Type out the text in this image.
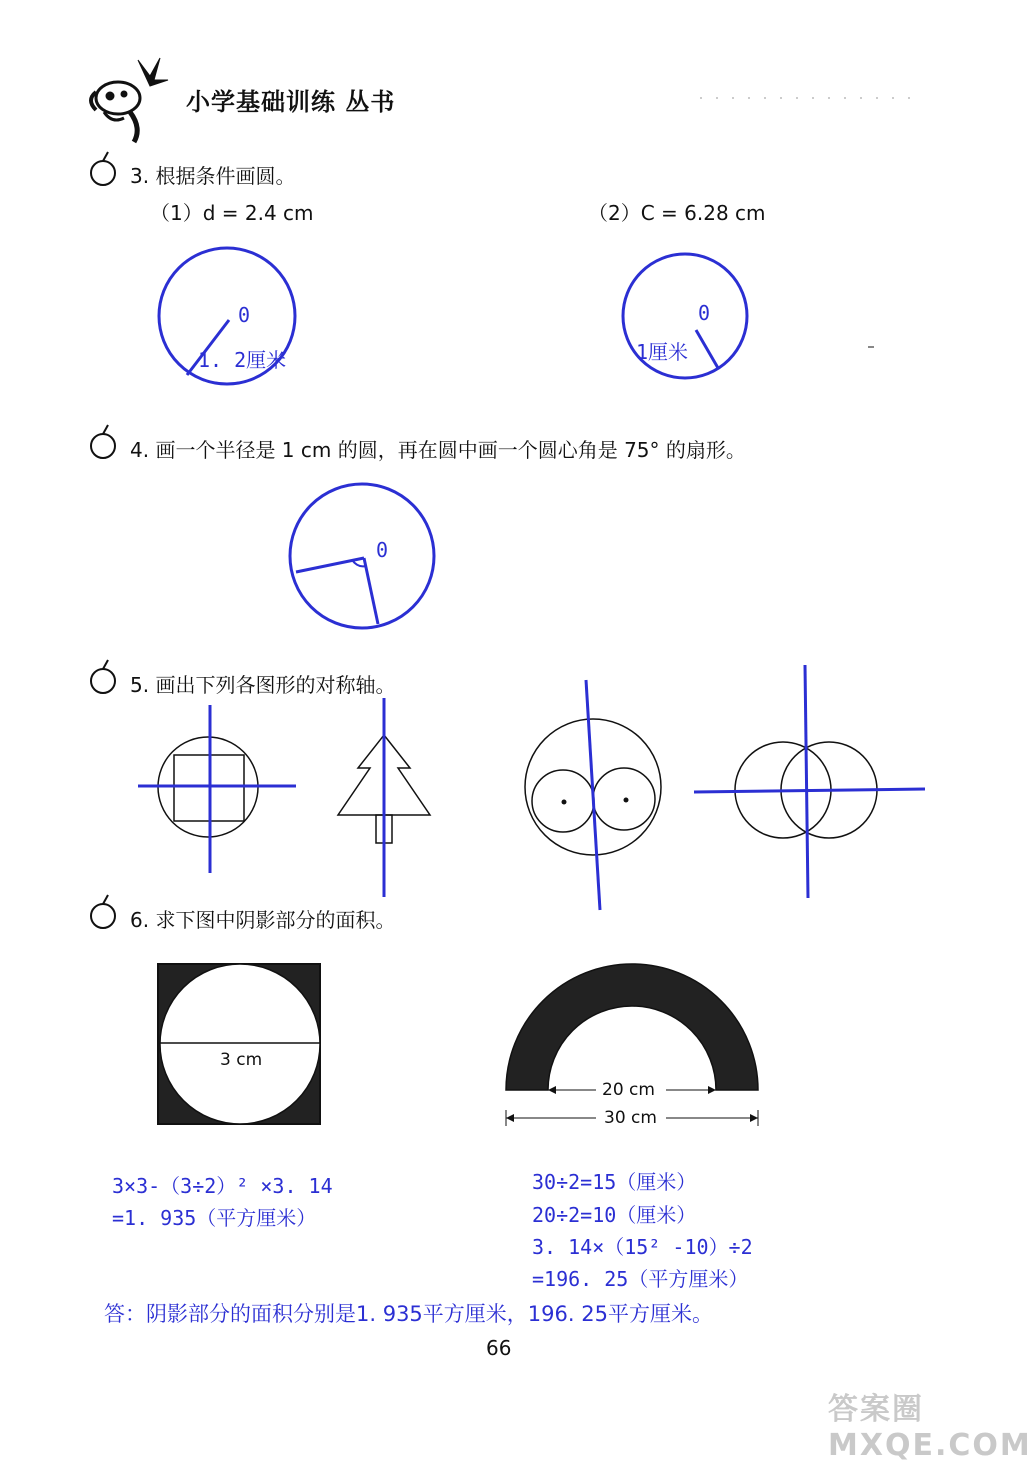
小学基础训练 丛书
3. 根据条件画圆。
（1）d = 2.4 cm	（2）C = 6.28 cm
0
1. 2厘米
0
1厘米
4. 画一个半径是 1 cm 的圆，再在圆中画一个圆心角是 75° 的扇形。
0
5. 画出下列各图形的对称轴。
6. 求下图中阴影部分的面积。
3 cm
20 cm
30 cm
3×3-（3÷2）² ×3. 14
=1. 935（平方厘米）
30÷2=15（厘米）
20÷2=10（厘米）
3. 14×（15² -10）÷2
=196. 25（平方厘米）
答：阴影部分的面积分别是1. 935平方厘米，196. 25平方厘米。
66
答案圈 MXQE.COM
